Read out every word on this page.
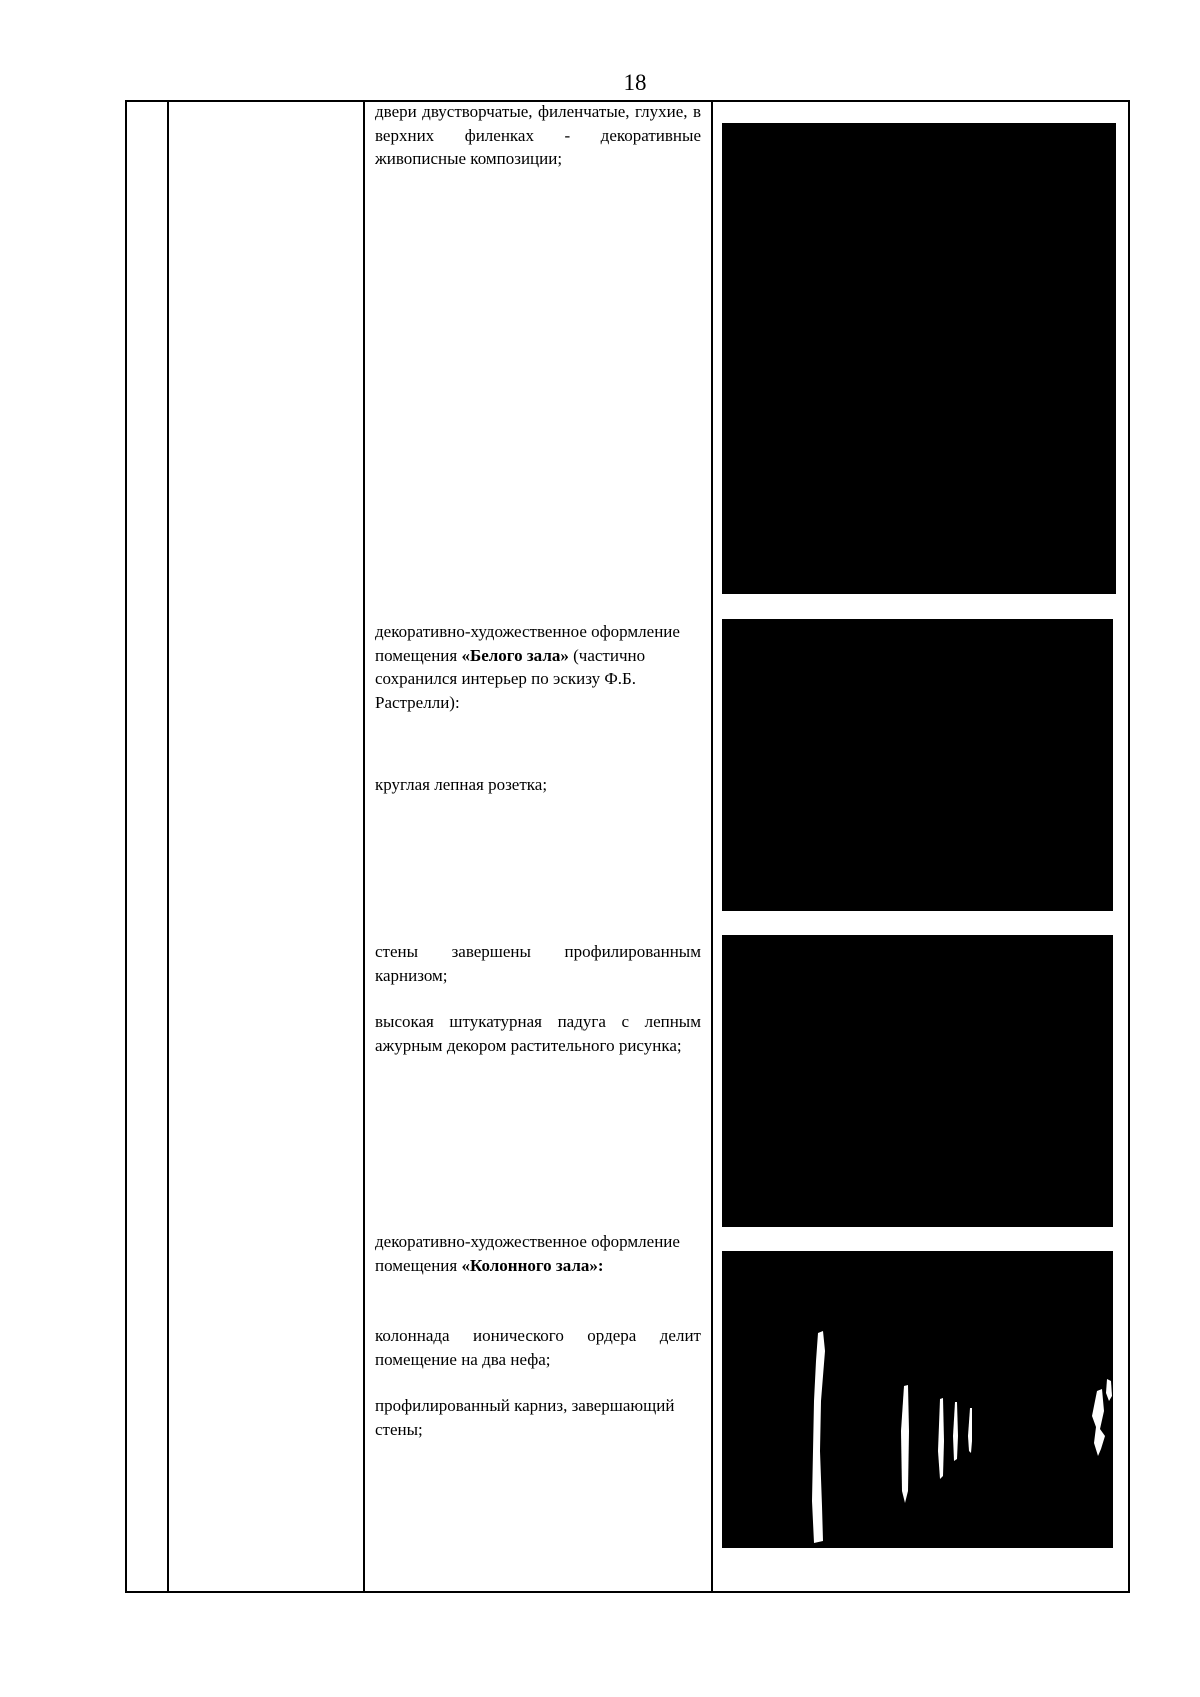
18

двери двустворчатые, филенчатые, глухие, в верхних филенках - декоративные живописные композиции;

декоративно-художественное оформление помещения «Белого зала» (частично сохранился интерьер по эскизу Ф.Б. Растрелли):

круглая лепная розетка;

стены завершены профилированным карнизом;

высокая штукатурная падуга с лепным ажурным декором растительного рисунка;

декоративно-художественное оформление помещения «Колонного зала»:

колоннада ионического ордера делит помещение на два нефа;

профилированный карниз, завершающий стены;
